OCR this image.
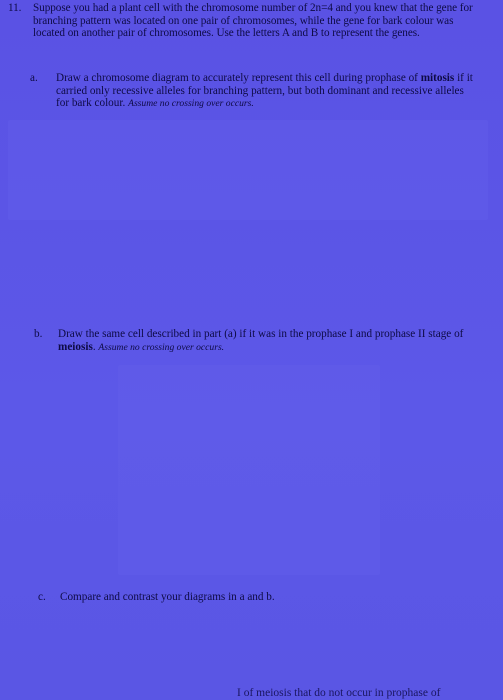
11. Suppose you had a plant cell with the chromosome number of 2n=4 and you knew that the gene for branching pattern was located on one pair of chromosomes, while the gene for bark colour was located on another pair of chromosomes. Use the letters A and B to represent the genes.
a. Draw a chromosome diagram to accurately represent this cell during prophase of mitosis if it carried only recessive alleles for branching pattern, but both dominant and recessive alleles for bark colour. Assume no crossing over occurs.
b. Draw the same cell described in part (a) if it was in the prophase I and prophase II stage of meiosis. Assume no crossing over occurs.
c. Compare and contrast your diagrams in a and b.
I of meiosis that do not occur in prophase of
